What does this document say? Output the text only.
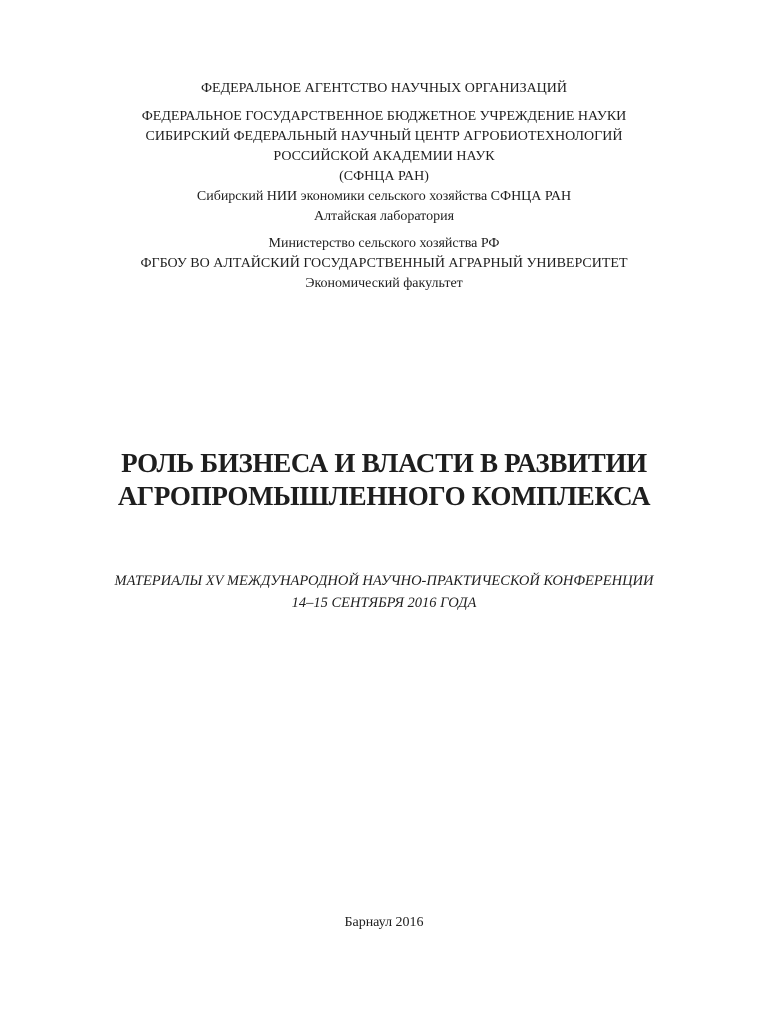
ФЕДЕРАЛЬНОЕ АГЕНТСТВО НАУЧНЫХ ОРГАНИЗАЦИЙ
ФЕДЕРАЛЬНОЕ ГОСУДАРСТВЕННОЕ БЮДЖЕТНОЕ УЧРЕЖДЕНИЕ НАУКИ
СИБИРСКИЙ ФЕДЕРАЛЬНЫЙ НАУЧНЫЙ ЦЕНТР АГРОБИОТЕХНОЛОГИЙ
РОССИЙСКОЙ АКАДЕМИИ НАУК
(СФНЦА РАН)
Сибирский НИИ экономики сельского хозяйства СФНЦА РАН
Алтайская лаборатория
Министерство сельского хозяйства РФ
ФГБОУ ВО АЛТАЙСКИЙ ГОСУДАРСТВЕННЫЙ АГРАРНЫЙ УНИВЕРСИТЕТ
Экономический факультет
РОЛЬ БИЗНЕСА И ВЛАСТИ В РАЗВИТИИ
АГРОПРОМЫШЛЕННОГО КОМПЛЕКСА
МАТЕРИАЛЫ XV МЕЖДУНАРОДНОЙ НАУЧНО-ПРАКТИЧЕСКОЙ КОНФЕРЕНЦИИ
14–15 СЕНТЯБРЯ 2016 ГОДА
Барнаул 2016
